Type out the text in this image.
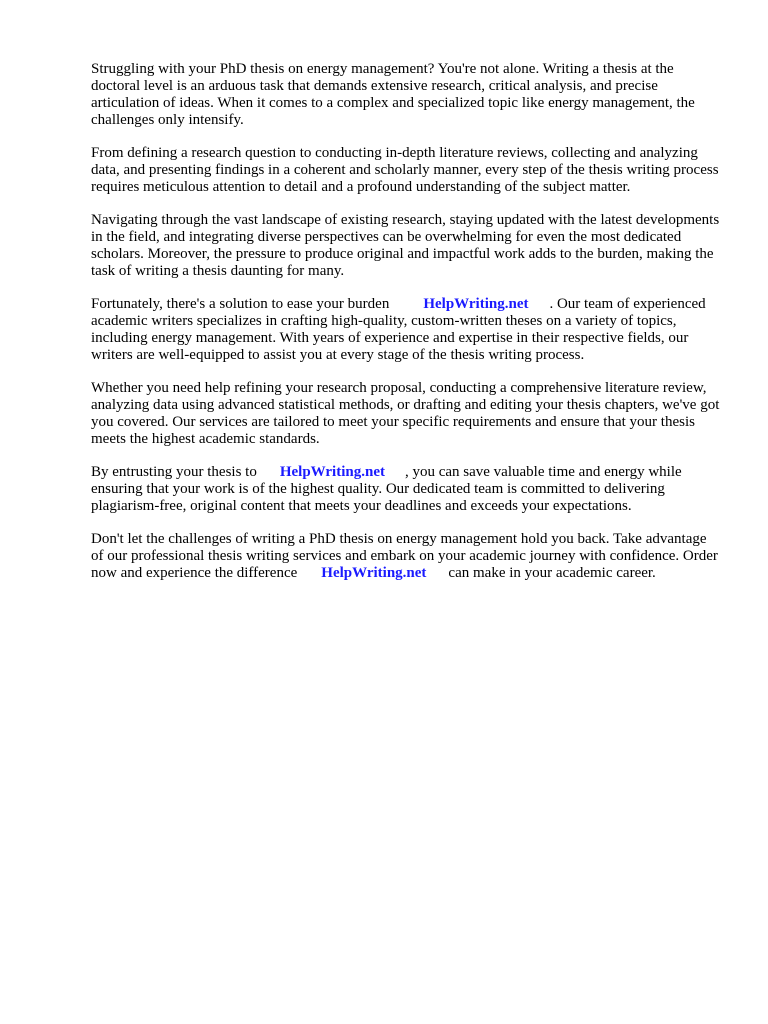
Struggling with your PhD thesis on energy management? You're not alone. Writing a thesis at the doctoral level is an arduous task that demands extensive research, critical analysis, and precise articulation of ideas. When it comes to a complex and specialized topic like energy management, the challenges only intensify.

From defining a research question to conducting in-depth literature reviews, collecting and analyzing data, and presenting findings in a coherent and scholarly manner, every step of the thesis writing process requires meticulous attention to detail and a profound understanding of the subject matter.

Navigating through the vast landscape of existing research, staying updated with the latest developments in the field, and integrating diverse perspectives can be overwhelming for even the most dedicated scholars. Moreover, the pressure to produce original and impactful work adds to the burden, making the task of writing a thesis daunting for many.

Fortunately, there's a solution to ease your burden HelpWriting.net . Our team of experienced academic writers specializes in crafting high-quality, custom-written theses on a variety of topics, including energy management. With years of experience and expertise in their respective fields, our writers are well-equipped to assist you at every stage of the thesis writing process.

Whether you need help refining your research proposal, conducting a comprehensive literature review, analyzing data using advanced statistical methods, or drafting and editing your thesis chapters, we've got you covered. Our services are tailored to meet your specific requirements and ensure that your thesis meets the highest academic standards.

By entrusting your thesis to HelpWriting.net , you can save valuable time and energy while ensuring that your work is of the highest quality. Our dedicated team is committed to delivering plagiarism-free, original content that meets your deadlines and exceeds your expectations.

Don't let the challenges of writing a PhD thesis on energy management hold you back. Take advantage of our professional thesis writing services and embark on your academic journey with confidence. Order now and experience the difference HelpWriting.net can make in your academic career.
